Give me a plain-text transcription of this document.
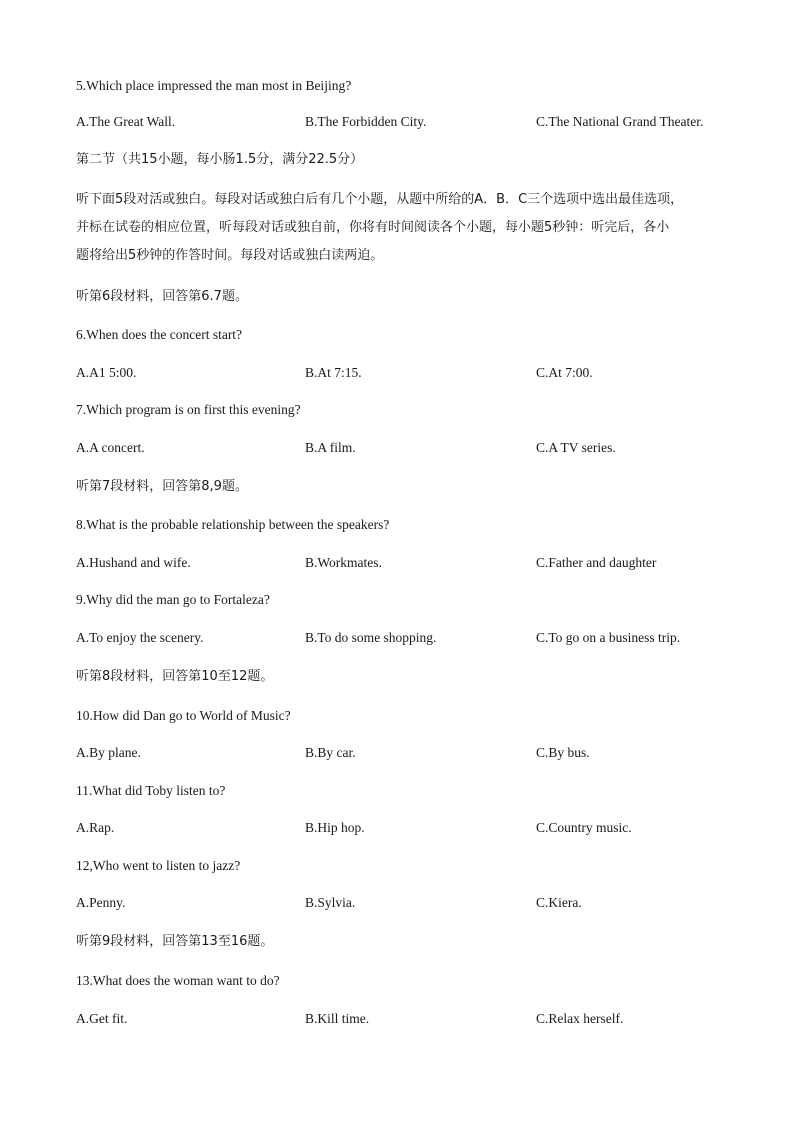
5.Which place impressed the man most in Beijing?
A.The Great Wall.	B.The Forbidden City.	C.The National Grand Theater.
第二节（共15小题，每小肠1.5分，满分22.5分）
听下面5段对活或独白。每段对话或独白后有几个小题，从题中所给的A．B．C三个选项中选出最佳选项，
并标在试卷的相应位置，听每段对话或独自前，你将有时间阅读各个小题，每小题5秒钟：听完后，各小
题将给出5秒钟的作答时间。每段对话或独白读两迫。
听第6段材料，回答第6.7题。
6.When does the concert start?
A.A1 5:00.	B.At 7:15.	C.At 7:00.
7.Which program is on first this evening?
A.A concert.	B.A film.	C.A TV series.
听第7段材料，回答第8,9题。
8.What is the probable relationship between the speakers?
A.Hushand and wife.	B.Workmates.	C.Father and daughter
9.Why did the man go to Fortaleza?
A.To enjoy the scenery.	B.To do some shopping.	C.To go on a business trip.
听第8段材料，回答第10至12题。
10.How did Dan go to World of Music?
A.By plane.	B.By car.	C.By bus.
11.What did Toby listen to?
A.Rap.	B.Hip hop.	C.Country music.
12,Who went to listen to jazz?
A.Penny.	B.Sylvia.	C.Kiera.
听第9段材料，回答第13至16题。
13.What does the woman want to do?
A.Get fit.	B.Kill time.	C.Relax herself.
